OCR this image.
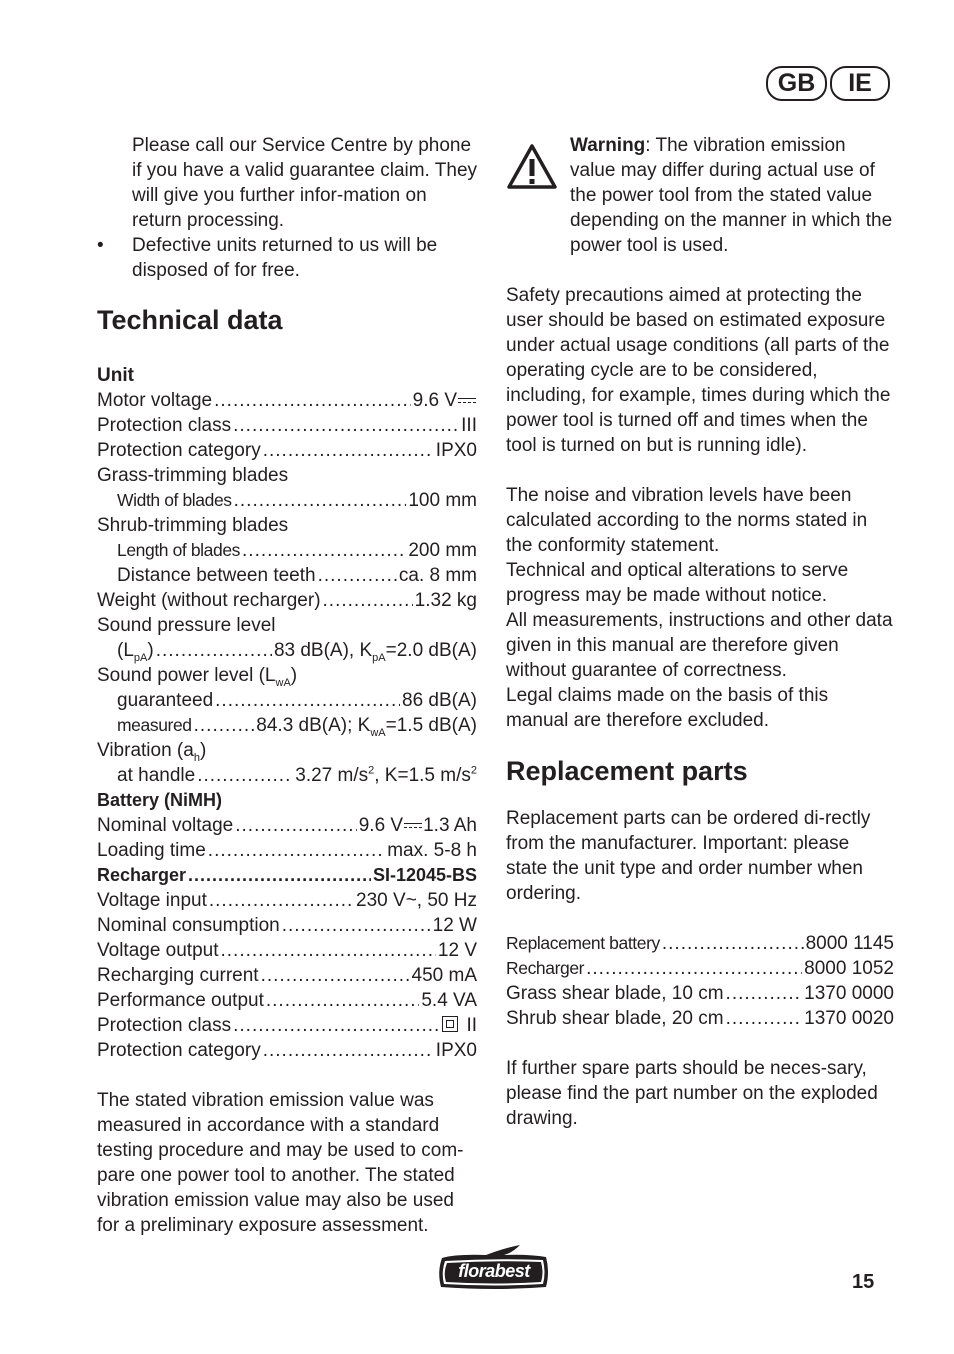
GB	IE

Please call our Service Centre by phone if you have a valid guarantee claim. They will give you further infor-mation on return processing.

•	Defective units returned to us will be disposed of for free.
Technical data
Unit
Motor voltage .....	9.6 V
Protection class .....	III
Protection category .....	IPX0
Grass-trimming blades
Width of blades .....	100 mm
Shrub-trimming blades
Length of blades .....	200 mm
Distance between teeth .....	ca. 8 mm
Weight (without recharger) .....	1.32 kg
Sound pressure level
$(L_{pA})$ .....	83 dB(A), $K_{pA}=2.0$ dB(A)
Sound power level $(L_{wA})$
guaranteed .....	86 dB(A)
measured .....	84.3 dB(A); $K_{wA}=1.5$ dB(A)
Vibration $(a_h)$
at handle .....	3.27 $m/s^2$, K=1.5 $m/s^2$
Battery (NiMH)
Nominal voltage .....	9.6 V 1.3 Ah
Loading time .....	max. 5-8 h
Recharger .....	SI-12045-BS
Voltage input .....	230 V~, 50 Hz
Nominal consumption .....	12 W
Voltage output .....	12 V
Recharging current .....	450 mA
Performance output .....	5.4 VA
Protection class .....	II
Protection category .....	IPX0

The stated vibration emission value was measured in accordance with a standard testing procedure and may be used to com-pare one power tool to another. The stated vibration emission value may also be used for a preliminary exposure assessment.

Warning: The vibration emission value may differ during actual use of the power tool from the stated value depending on the manner in which the power tool is used.

Safety precautions aimed at protecting the user should be based on estimated exposure under actual usage conditions (all parts of the operating cycle are to be considered, including, for example, times during which the power tool is turned off and times when the tool is turned on but is running idle).

The noise and vibration levels have been calculated according to the norms stated in the conformity statement.

Technical and optical alterations to serve progress may be made without notice.

All measurements, instructions and other data given in this manual are therefore given without guarantee of correctness.

Legal claims made on the basis of this manual are therefore excluded.

Replacement parts

Replacement parts can be ordered di-rectly from the manufacturer. Important: please state the unit type and order number when ordering.

Replacement battery .....	8000 1145
Recharger .....	8000 1052
Grass shear blade, 10 cm .....	1370 0000
Shrub shear blade, 20 cm .....	1370 0020

If further spare parts should be neces-sary, please find the part number on the exploded drawing.

florabest	15
